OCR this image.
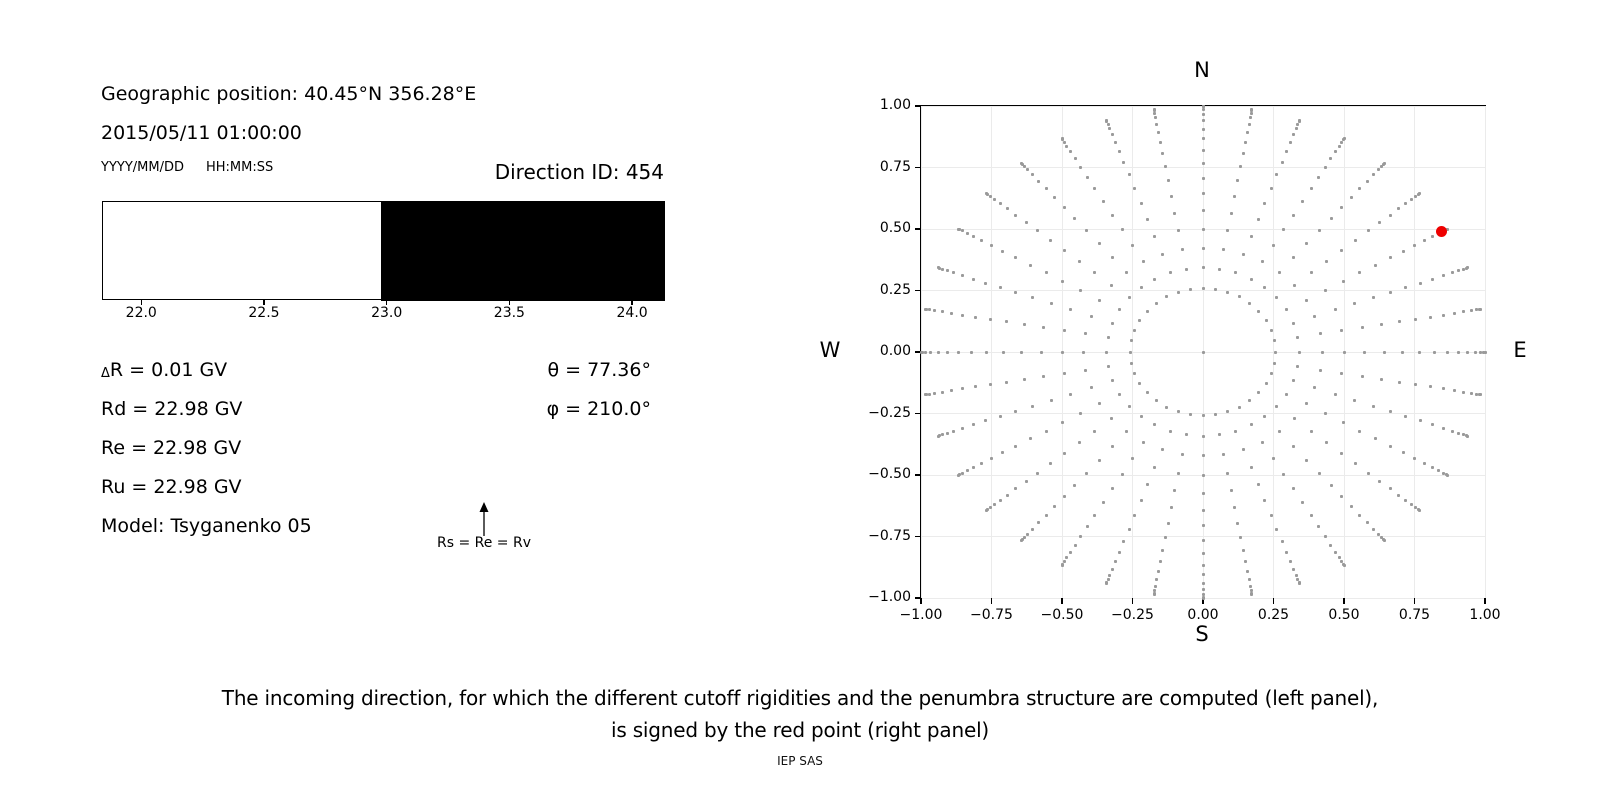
Geographic position: 40.45°N 356.28°E
2015/05/11 01:00:00
YYYY/MM/DD HH:MM:SS	Direction ID: 454
Rs = Re = Rv
22.0	22.5	23.0	23.5	24.0
ΔR = 0.01 GV
Rd = 22.98 GV
Re = 22.98 GV
Ru = 22.98 GV
Model: Tsyganenko 05
θ = 77.36°
φ = 210.0°
N
−1.00	−0.75	−0.50	−0.25	0.00	0.25	0.50	0.75	1.00
1.00
0.75
0.50
0.25
0.00
−0.25
−0.50
−0.75
−1.00
S
W	E
The incoming direction, for which the different cutoff rigidities and the penumbra structure are computed (left panel),
is signed by the red point (right panel)
IEP SAS
